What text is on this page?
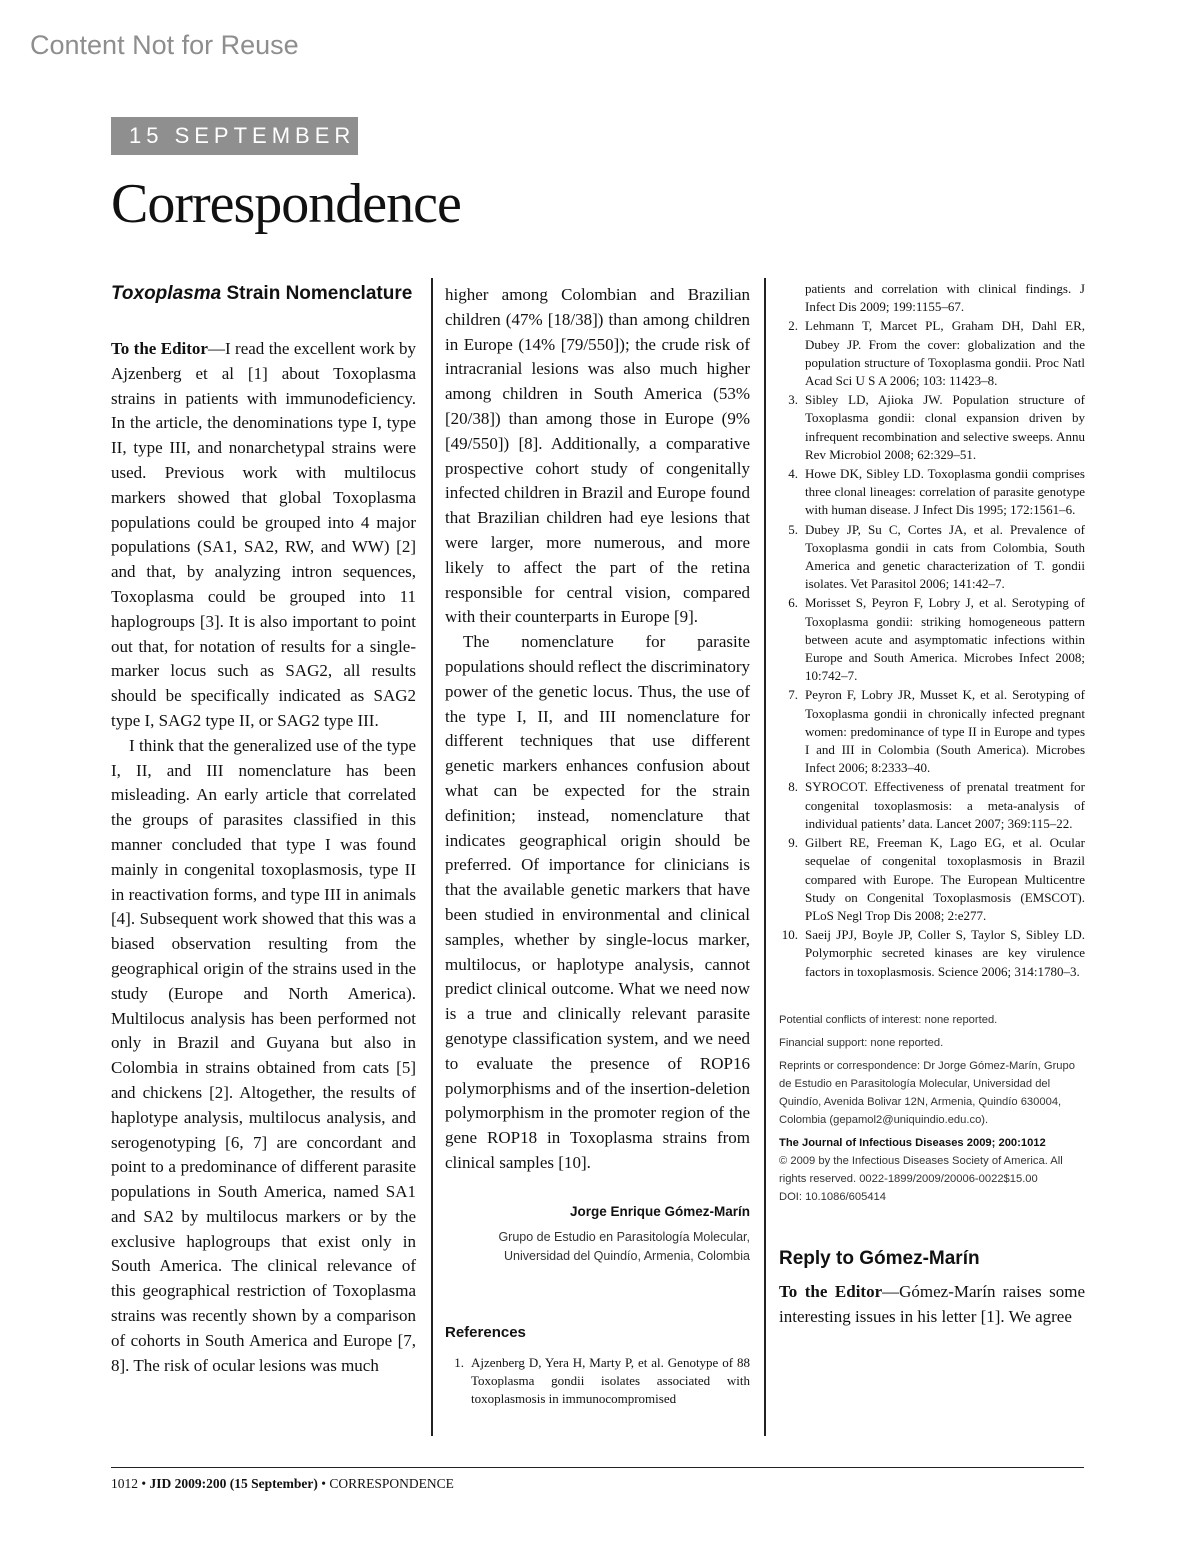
Content Not for Reuse
15 SEPTEMBER
Correspondence
Toxoplasma Strain Nomenclature

To the Editor—I read the excellent work by Ajzenberg et al [1] about Toxoplasma strains in patients with immunodeficiency. In the article, the denominations type I, type II, type III, and nonarchetypal strains were used. Previous work with multilocus markers showed that global Toxoplasma populations could be grouped into 4 major populations (SA1, SA2, RW, and WW) [2] and that, by analyzing intron sequences, Toxoplasma could be grouped into 11 haplogroups [3]. It is also important to point out that, for notation of results for a single-marker locus such as SAG2, all results should be specifically indicated as SAG2 type I, SAG2 type II, or SAG2 type III.

I think that the generalized use of the type I, II, and III nomenclature has been misleading. An early article that correlated the groups of parasites classified in this manner concluded that type I was found mainly in congenital toxoplasmosis, type II in reactivation forms, and type III in animals [4]. Subsequent work showed that this was a biased observation resulting from the geographical origin of the strains used in the study (Europe and North America). Multilocus analysis has been performed not only in Brazil and Guyana but also in Colombia in strains obtained from cats [5] and chickens [2]. Altogether, the results of haplotype analysis, multilocus analysis, and serogenotyping [6, 7] are concordant and point to a predominance of different parasite populations in South America, named SA1 and SA2 by multilocus markers or by the exclusive haplogroups that exist only in South America. The clinical relevance of this geographical restriction of Toxoplasma strains was recently shown by a comparison of cohorts in South America and Europe [7, 8]. The risk of ocular lesions was much

higher among Colombian and Brazilian children (47% [18/38]) than among children in Europe (14% [79/550]); the crude risk of intracranial lesions was also much higher among children in South America (53% [20/38]) than among those in Europe (9% [49/550]) [8]. Additionally, a comparative prospective cohort study of congenitally infected children in Brazil and Europe found that Brazilian children had eye lesions that were larger, more numerous, and more likely to affect the part of the retina responsible for central vision, compared with their counterparts in Europe [9].

The nomenclature for parasite populations should reflect the discriminatory power of the genetic locus. Thus, the use of the type I, II, and III nomenclature for different techniques that use different genetic markers enhances confusion about what can be expected for the strain definition; instead, nomenclature that indicates geographical origin should be preferred. Of importance for clinicians is that the available genetic markers that have been studied in environmental and clinical samples, whether by single-locus marker, multilocus, or haplotype analysis, cannot predict clinical outcome. What we need now is a true and clinically relevant parasite genotype classification system, and we need to evaluate the presence of ROP16 polymorphisms and of the insertion-deletion polymorphism in the promoter region of the gene ROP18 in Toxoplasma strains from clinical samples [10].

Jorge Enrique Gómez-Marín

Grupo de Estudio en Parasitología Molecular,

Universidad del Quindío, Armenia, Colombia

References
1. Ajzenberg D, Yera H, Marty P, et al. Genotype of 88 Toxoplasma gondii isolates associated with toxoplasmosis in immunocompromised
patients and correlation with clinical findings. J Infect Dis 2009; 199:1155–67.
2. Lehmann T, Marcet PL, Graham DH, Dahl ER, Dubey JP. From the cover: globalization and the population structure of Toxoplasma gondii. Proc Natl Acad Sci U S A 2006; 103: 11423–8.
3. Sibley LD, Ajioka JW. Population structure of Toxoplasma gondii: clonal expansion driven by infrequent recombination and selective sweeps. Annu Rev Microbiol 2008; 62:329–51.
4. Howe DK, Sibley LD. Toxoplasma gondii comprises three clonal lineages: correlation of parasite genotype with human disease. J Infect Dis 1995; 172:1561–6.
5. Dubey JP, Su C, Cortes JA, et al. Prevalence of Toxoplasma gondii in cats from Colombia, South America and genetic characterization of T. gondii isolates. Vet Parasitol 2006; 141:42–7.
6. Morisset S, Peyron F, Lobry J, et al. Serotyping of Toxoplasma gondii: striking homogeneous pattern between acute and asymptomatic infections within Europe and South America. Microbes Infect 2008; 10:742–7.
7. Peyron F, Lobry JR, Musset K, et al. Serotyping of Toxoplasma gondii in chronically infected pregnant women: predominance of type II in Europe and types I and III in Colombia (South America). Microbes Infect 2006; 8:2333–40.
8. SYROCOT. Effectiveness of prenatal treatment for congenital toxoplasmosis: a meta-analysis of individual patients’ data. Lancet 2007; 369:115–22.
9. Gilbert RE, Freeman K, Lago EG, et al. Ocular sequelae of congenital toxoplasmosis in Brazil compared with Europe. The European Multicentre Study on Congenital Toxoplasmosis (EMSCOT). PLoS Negl Trop Dis 2008; 2:e277.
10. Saeij JPJ, Boyle JP, Coller S, Taylor S, Sibley LD. Polymorphic secreted kinases are key virulence factors in toxoplasmosis. Science 2006; 314:1780–3.

Potential conflicts of interest: none reported.

Financial support: none reported.

Reprints or correspondence: Dr Jorge Gómez-Marín, Grupo de Estudio en Parasitología Molecular, Universidad del Quindío, Avenida Bolivar 12N, Armenia, Quindío 630004, Colombia (gepamol2@uniquindio.edu.co).

The Journal of Infectious Diseases 2009; 200:1012

© 2009 by the Infectious Diseases Society of America. All rights reserved. 0022-1899/2009/20006-0022$15.00

DOI: 10.1086/605414

Reply to Gómez-Marín

To the Editor—Gómez-Marín raises some interesting issues in his letter [1]. We agree

1012 • JID 2009:200 (15 September) • CORRESPONDENCE
